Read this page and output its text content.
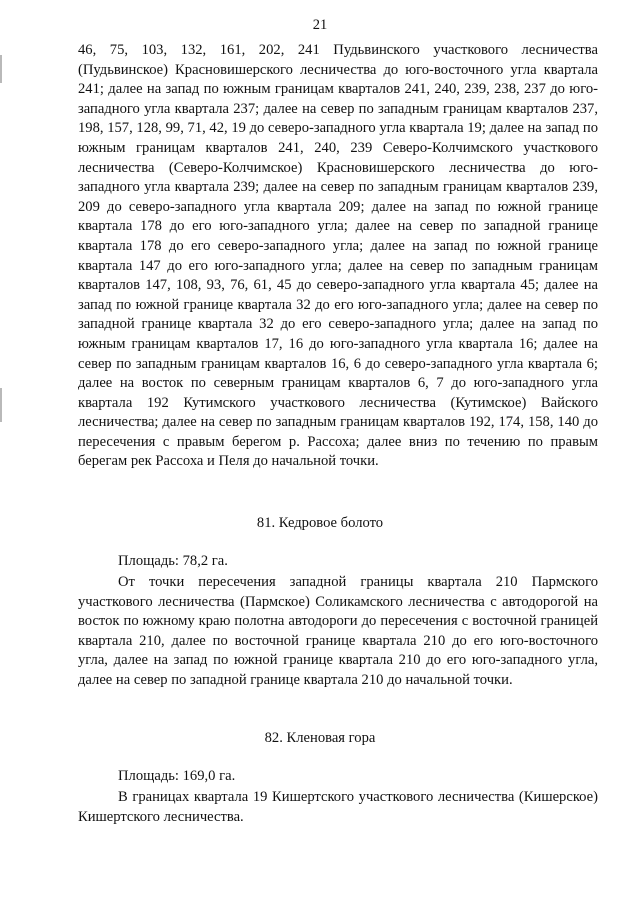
21

46, 75, 103, 132, 161, 202, 241 Пудьвинского участкового лесничества (Пудьвинское) Красновишерского лесничества до юго-восточного угла квартала 241; далее на запад по южным границам кварталов 241, 240, 239, 238, 237 до юго-западного угла квартала 237; далее на север по западным границам кварталов 237, 198, 157, 128, 99, 71, 42, 19 до северо-западного угла квартала 19; далее на запад по южным границам кварталов 241, 240, 239 Северо-Колчимского участкового лесничества (Северо-Колчимское) Красновишерского лесничества до юго-западного угла квартала 239; далее на север по западным границам кварталов 239, 209 до северо-западного угла квартала 209; далее на запад по южной границе квартала 178 до его юго-западного угла; далее на север по западной границе квартала 178 до его северо-западного угла; далее на запад по южной границе квартала 147 до его юго-западного угла; далее на север по западным границам кварталов 147, 108, 93, 76, 61, 45 до северо-западного угла квартала 45; далее на запад по южной границе квартала 32 до его юго-западного угла; далее на север по западной границе квартала 32 до его северо-западного угла; далее на запад по южным границам кварталов 17, 16 до юго-западного угла квартала 16; далее на север по западным границам кварталов 16, 6 до северо-западного угла квартала 6; далее на восток по северным границам кварталов 6, 7 до юго-западного угла квартала 192 Кутимского участкового лесничества (Кутимское) Вайского лесничества; далее на север по западным границам кварталов 192, 174, 158, 140 до пересечения с правым берегом р. Рассоха; далее вниз по течению по правым берегам рек Рассоха и Пеля до начальной точки.

81. Кедровое болото
Площадь: 78,2 га.

От точки пересечения западной границы квартала 210 Пармского участкового лесничества (Пармское) Соликамского лесничества с автодорогой на восток по южному краю полотна автодороги до пересечения с восточной границей квартала 210, далее по восточной границе квартала 210 до его юго-восточного угла, далее на запад по южной границе квартала 210 до его юго-западного угла, далее на север по западной границе квартала 210 до начальной точки.

82. Кленовая гора
Площадь: 169,0 га.

В границах квартала 19 Кишертского участкового лесничества (Кишерское) Кишертского лесничества.
